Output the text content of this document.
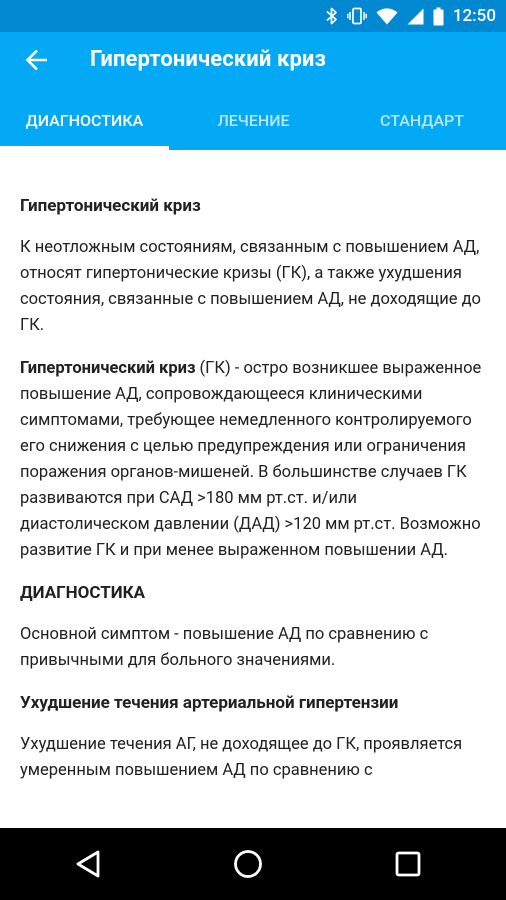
12:50
Гипертонический криз
ДИАГНОСТИКА	ЛЕЧЕНИЕ	СТАНДАРТ
Гипертонический криз

К неотложным состояниям, связанным с повышением АД, относят гипертонические кризы (ГК), а также ухудшения состояния, связанные с повышением АД, не доходящие до ГК.

Гипертонический криз (ГК) - остро возникшее выраженное повышение АД, сопровождающееся клиническими симптомами, требующее немедленного контролируемого его снижения с целью предупреждения или ограничения поражения органов-мишеней. В большинстве случаев ГК развиваются при САД >180 мм рт.ст. и/или диастолическом давлении (ДАД) >120 мм рт.ст. Возможно развитие ГК и при менее выраженном повышении АД.

ДИАГНОСТИКА

Основной симптом - повышение АД по сравнению с привычными для больного значениями.

Ухудшение течения артериальной гипертензии

Ухудшение течения АГ, не доходящее до ГК, проявляется умеренным повышением АД по сравнению с
